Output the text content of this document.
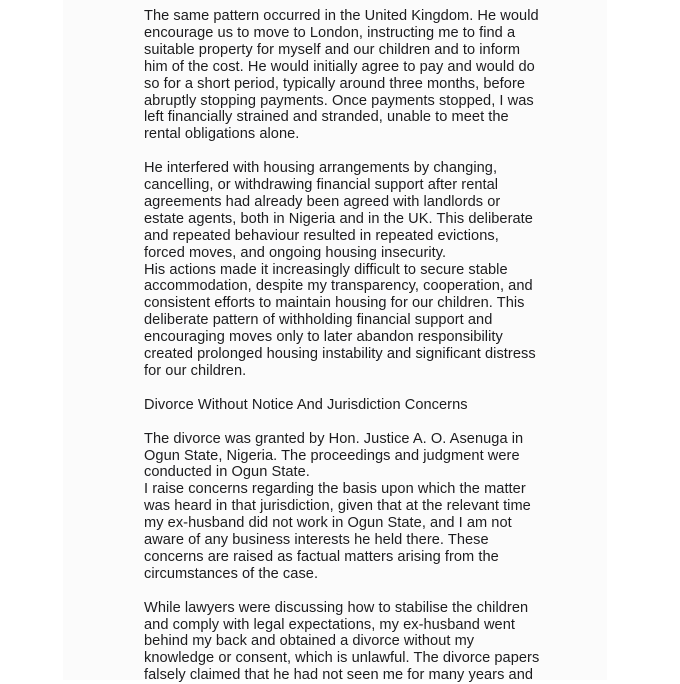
The same pattern occurred in the United Kingdom. He would
encourage us to move to London, instructing me to find a
suitable property for myself and our children and to inform
him of the cost. He would initially agree to pay and would do
so for a short period, typically around three months, before
abruptly stopping payments. Once payments stopped, I was
left financially strained and stranded, unable to meet the
rental obligations alone.
He interfered with housing arrangements by changing,
cancelling, or withdrawing financial support after rental
agreements had already been agreed with landlords or
estate agents, both in Nigeria and in the UK. This deliberate
and repeated behaviour resulted in repeated evictions,
forced moves, and ongoing housing insecurity.
His actions made it increasingly difficult to secure stable
accommodation, despite my transparency, cooperation, and
consistent efforts to maintain housing for our children. This
deliberate pattern of withholding financial support and
encouraging moves only to later abandon responsibility
created prolonged housing instability and significant distress
for our children.
Divorce Without Notice And Jurisdiction Concerns
The divorce was granted by Hon. Justice A. O. Asenuga in
Ogun State, Nigeria. The proceedings and judgment were
conducted in Ogun State.
I raise concerns regarding the basis upon which the matter
was heard in that jurisdiction, given that at the relevant time
my ex-husband did not work in Ogun State, and I am not
aware of any business interests he held there. These
concerns are raised as factual matters arising from the
circumstances of the case.
While lawyers were discussing how to stabilise the children
and comply with legal expectations, my ex-husband went
behind my back and obtained a divorce without my
knowledge or consent, which is unlawful. The divorce papers
falsely claimed that he had not seen me for many years and
